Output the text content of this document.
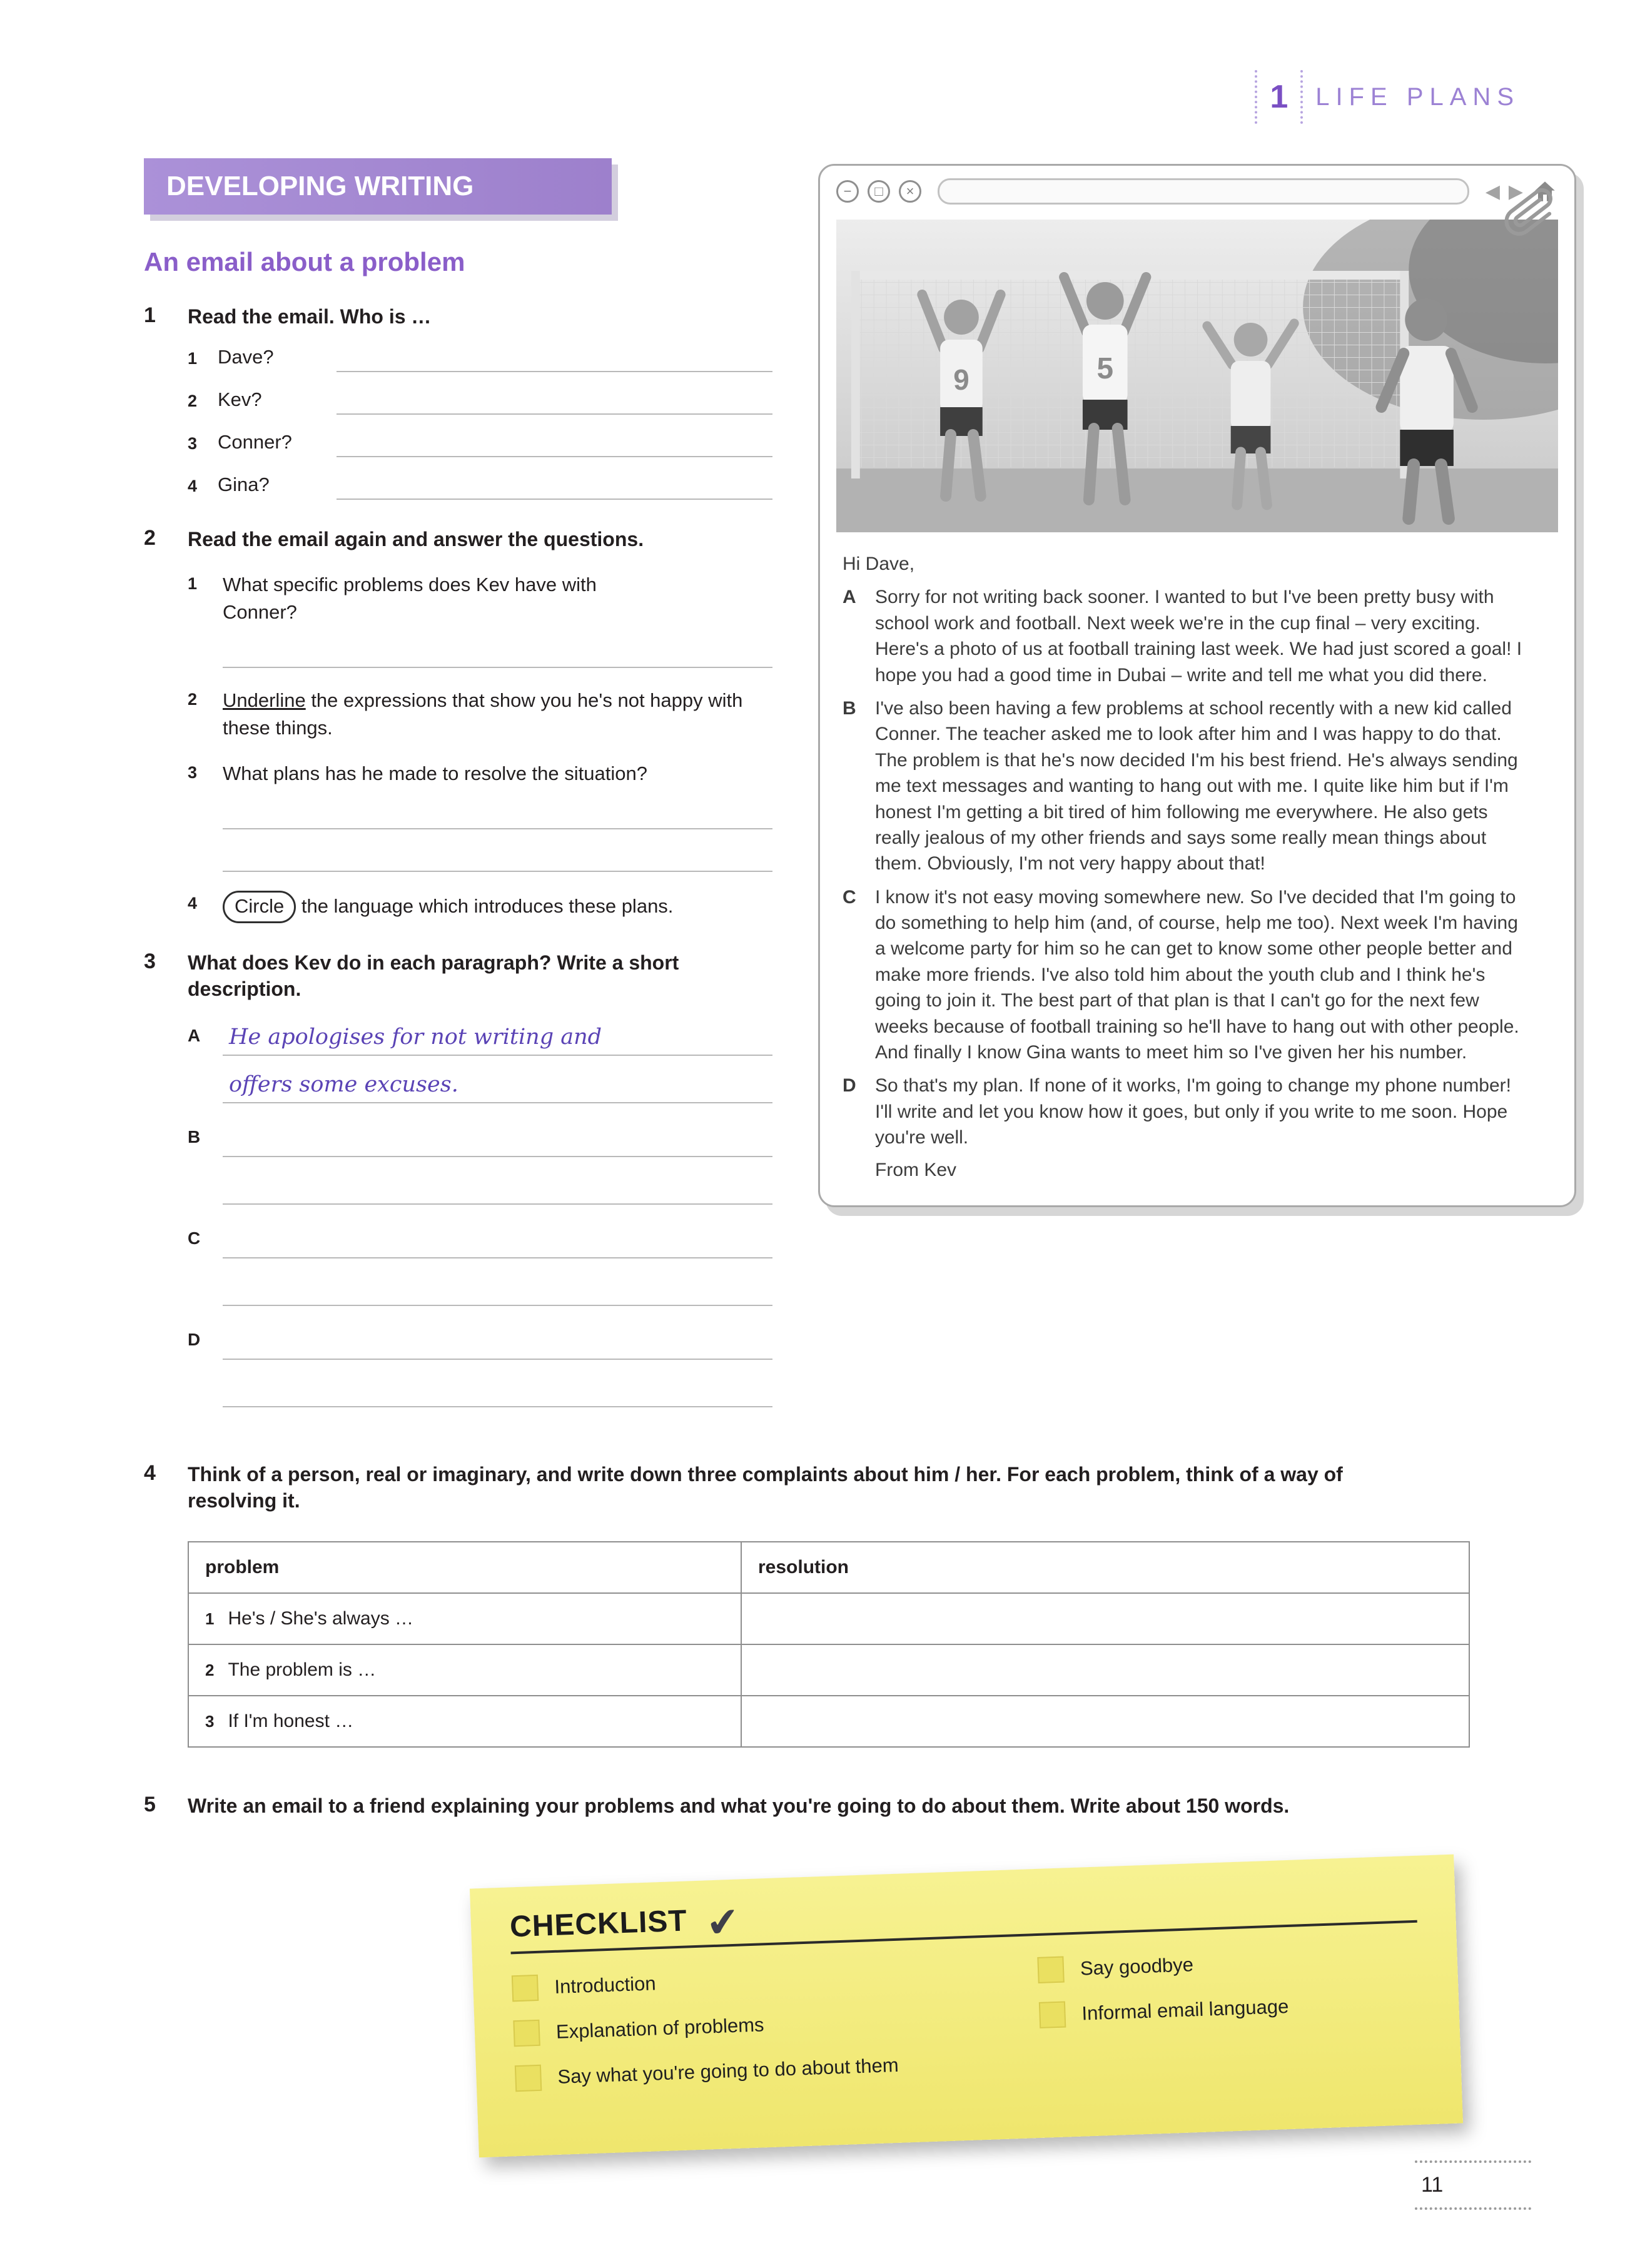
1 LIFE PLANS
DEVELOPING WRITING
An email about a problem
1	Read the email. Who is …
1	Dave?
2	Kev?
3	Conner?
4	Gina?
2	Read the email again and answer the questions.
1	What specific problems does Kev have with Conner?
2	Underline the expressions that show you he's not happy with these things.
3	What plans has he made to resolve the situation?
4	Circle the language which introduces these plans.
3	What does Kev do in each paragraph? Write a short description.
A	He apologises for not writing and
offers some excuses.
B
C
D
−	□	×	◀ ▶
9	5
Hi Dave,
A	Sorry for not writing back sooner. I wanted to but I've been pretty busy with school work and football. Next week we're in the cup final – very exciting. Here's a photo of us at football training last week. We had just scored a goal! I hope you had a good time in Dubai – write and tell me what you did there.
B	I've also been having a few problems at school recently with a new kid called Conner. The teacher asked me to look after him and I was happy to do that. The problem is that he's now decided I'm his best friend. He's always sending me text messages and wanting to hang out with me. I quite like him but if I'm honest I'm getting a bit tired of him following me everywhere. He also gets really jealous of my other friends and says some really mean things about them. Obviously, I'm not very happy about that!
C	I know it's not easy moving somewhere new. So I've decided that I'm going to do something to help him (and, of course, help me too). Next week I'm having a welcome party for him so he can get to know some other people better and make more friends. I've also told him about the youth club and I think he's going to join it. The best part of that plan is that I can't go for the next few weeks because of football training so he'll have to hang out with other people. And finally I know Gina wants to meet him so I've given her his number.
D	So that's my plan. If none of it works, I'm going to change my phone number! I'll write and let you know how it goes, but only if you write to me soon. Hope you're well.
From Kev
4	Think of a person, real or imaginary, and write down three complaints about him / her. For each problem, think of a way of resolving it.
problem	resolution
1 He's / She's always …	
2 The problem is …	
3 If I'm honest …	
5	Write an email to a friend explaining your problems and what you're going to do about them. Write about 150 words.
CHECKLIST ✔
Introduction
Explanation of problems
Say what you're going to do about them
Say goodbye
Informal email language
11
